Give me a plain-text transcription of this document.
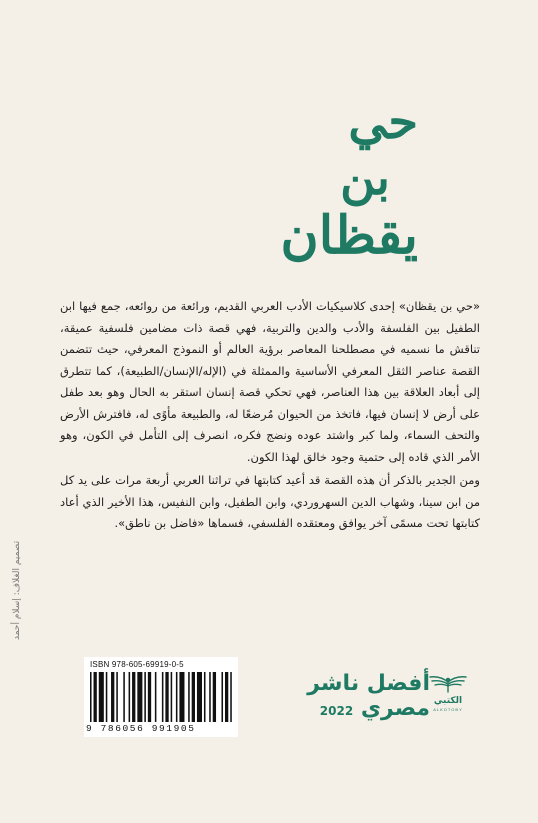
حي
بن
يقظان

«حي بن يقظان» إحدى كلاسيكيات الأدب العربي القديم، ورائعة من روائعه، جمع فيها ابن الطفيل بين الفلسفة والأدب والدين والتربية، فهي قصة ذات مضامين فلسفية عميقة، تناقش ما نسميه في مصطلحنا المعاصر برؤية العالم أو النموذج المعرفي، حيث تتضمن القصة عناصر الثقل المعرفي الأساسية والممثلة في (الإله/الإنسان/الطبيعة)، كما تتطرق إلى أبعاد العلاقة بين هذا العناصر، فهي تحكي قصة إنسان استقر به الحال وهو بعد طفل على أرض لا إنسان فيها، فاتخذ من الحيوان مُرضعًا له، والطبيعة مأوًى له، فافترش الأرض والتحف السماء، ولما كبر واشتد عوده ونضج فكره، انصرف إلى التأمل في الكون، وهو الأمر الذي قاده إلى حتمية وجود خالق لهذا الكون.

ومن الجدير بالذكر أن هذه القصة قد أعيد كتابتها في تراثنا العربي أربعة مرات على يد كل من ابن سينا، وشهاب الدين السهروردي، وابن الطفيل، وابن النفيس، هذا الأخير الذي أعاد كتابتها تحت مسمًى آخر يوافق ومعتقده الفلسفي، فسماها «فاضل بن ناطق».

تصميم الغلاف: إسلام أحمد
ISBN 978-605-69919-0-5
9 786056 991905
أفضل ناشر
مصري 2022
الكتبي
ALKOTOBY
